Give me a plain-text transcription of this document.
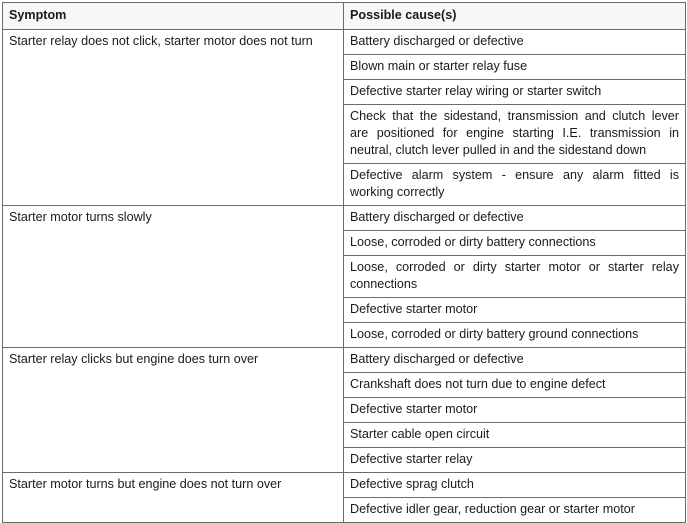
Symptom	Possible cause(s)
Starter relay does not click, starter motor does not turn	Battery discharged or defective
	Blown main or starter relay fuse
	Defective starter relay wiring or starter switch
	Check that the sidestand, transmission and clutch lever are positioned for engine starting I.E. transmission in neutral, clutch lever pulled in and the sidestand down
	Defective alarm system - ensure any alarm fitted is working correctly
Starter motor turns slowly	Battery discharged or defective
	Loose, corroded or dirty battery connections
	Loose, corroded or dirty starter motor or starter relay connections
	Defective starter motor
	Loose, corroded or dirty battery ground connections
Starter relay clicks but engine does turn over	Battery discharged or defective
	Crankshaft does not turn due to engine defect
	Defective starter motor
	Starter cable open circuit
	Defective starter relay
Starter motor turns but engine does not turn over	Defective sprag clutch
	Defective idler gear, reduction gear or starter motor
